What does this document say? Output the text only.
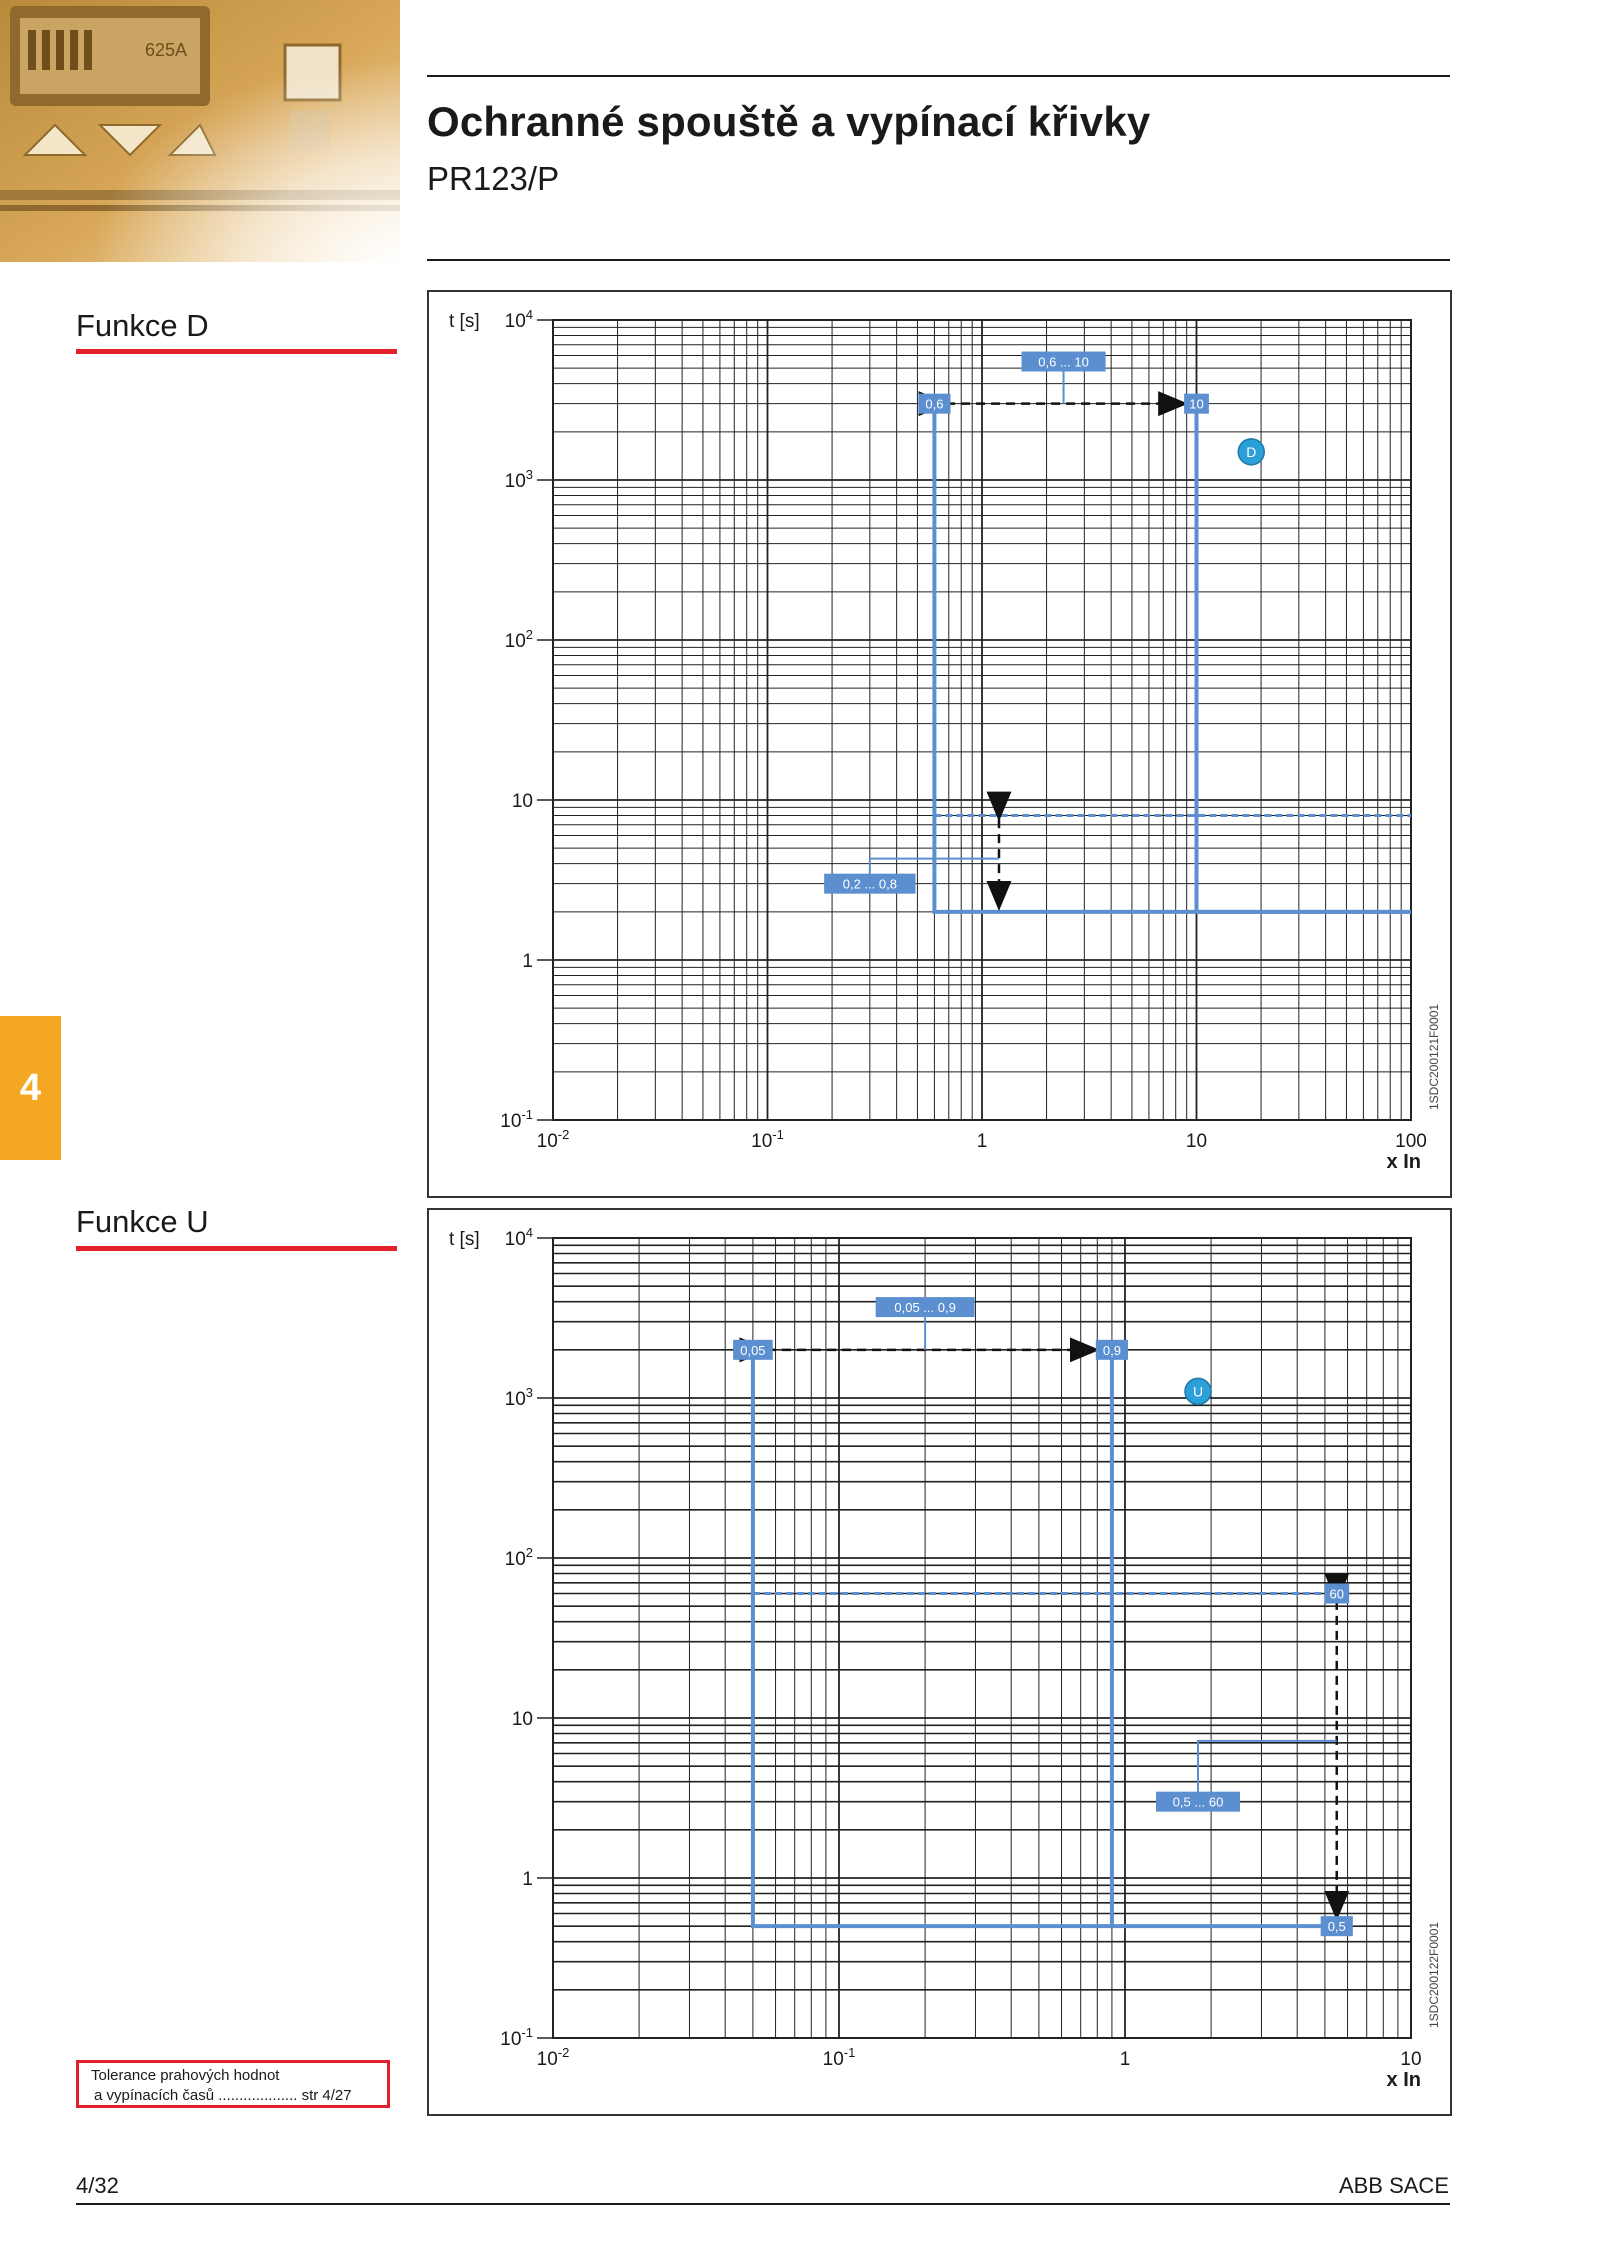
Ochranné spouště a vypínací křivky
PR123/P
Funkce D
Funkce U
4
$10^{-1}$
1
10
$10^2$
$10^3$
$10^4$
$10^{-2}$	$10^{-1}$	1	10	100
t [s]
x In
1SDC200121F0001
0,6 ... 10
0,6	10
0,2 ... 0,8
D
$10^{-1}$
1
10
$10^2$
$10^3$
$10^4$
$10^{-2}$	$10^{-1}$	1	10
t [s]
x In
1SDC200122F0001
0,05 ... 0,9
0,05	0,9
60
0,5 ... 60
0,5
U
Tolerance prahových hodnot
a vypínacích časů ................... str 4/27
4/32	ABB SACE
